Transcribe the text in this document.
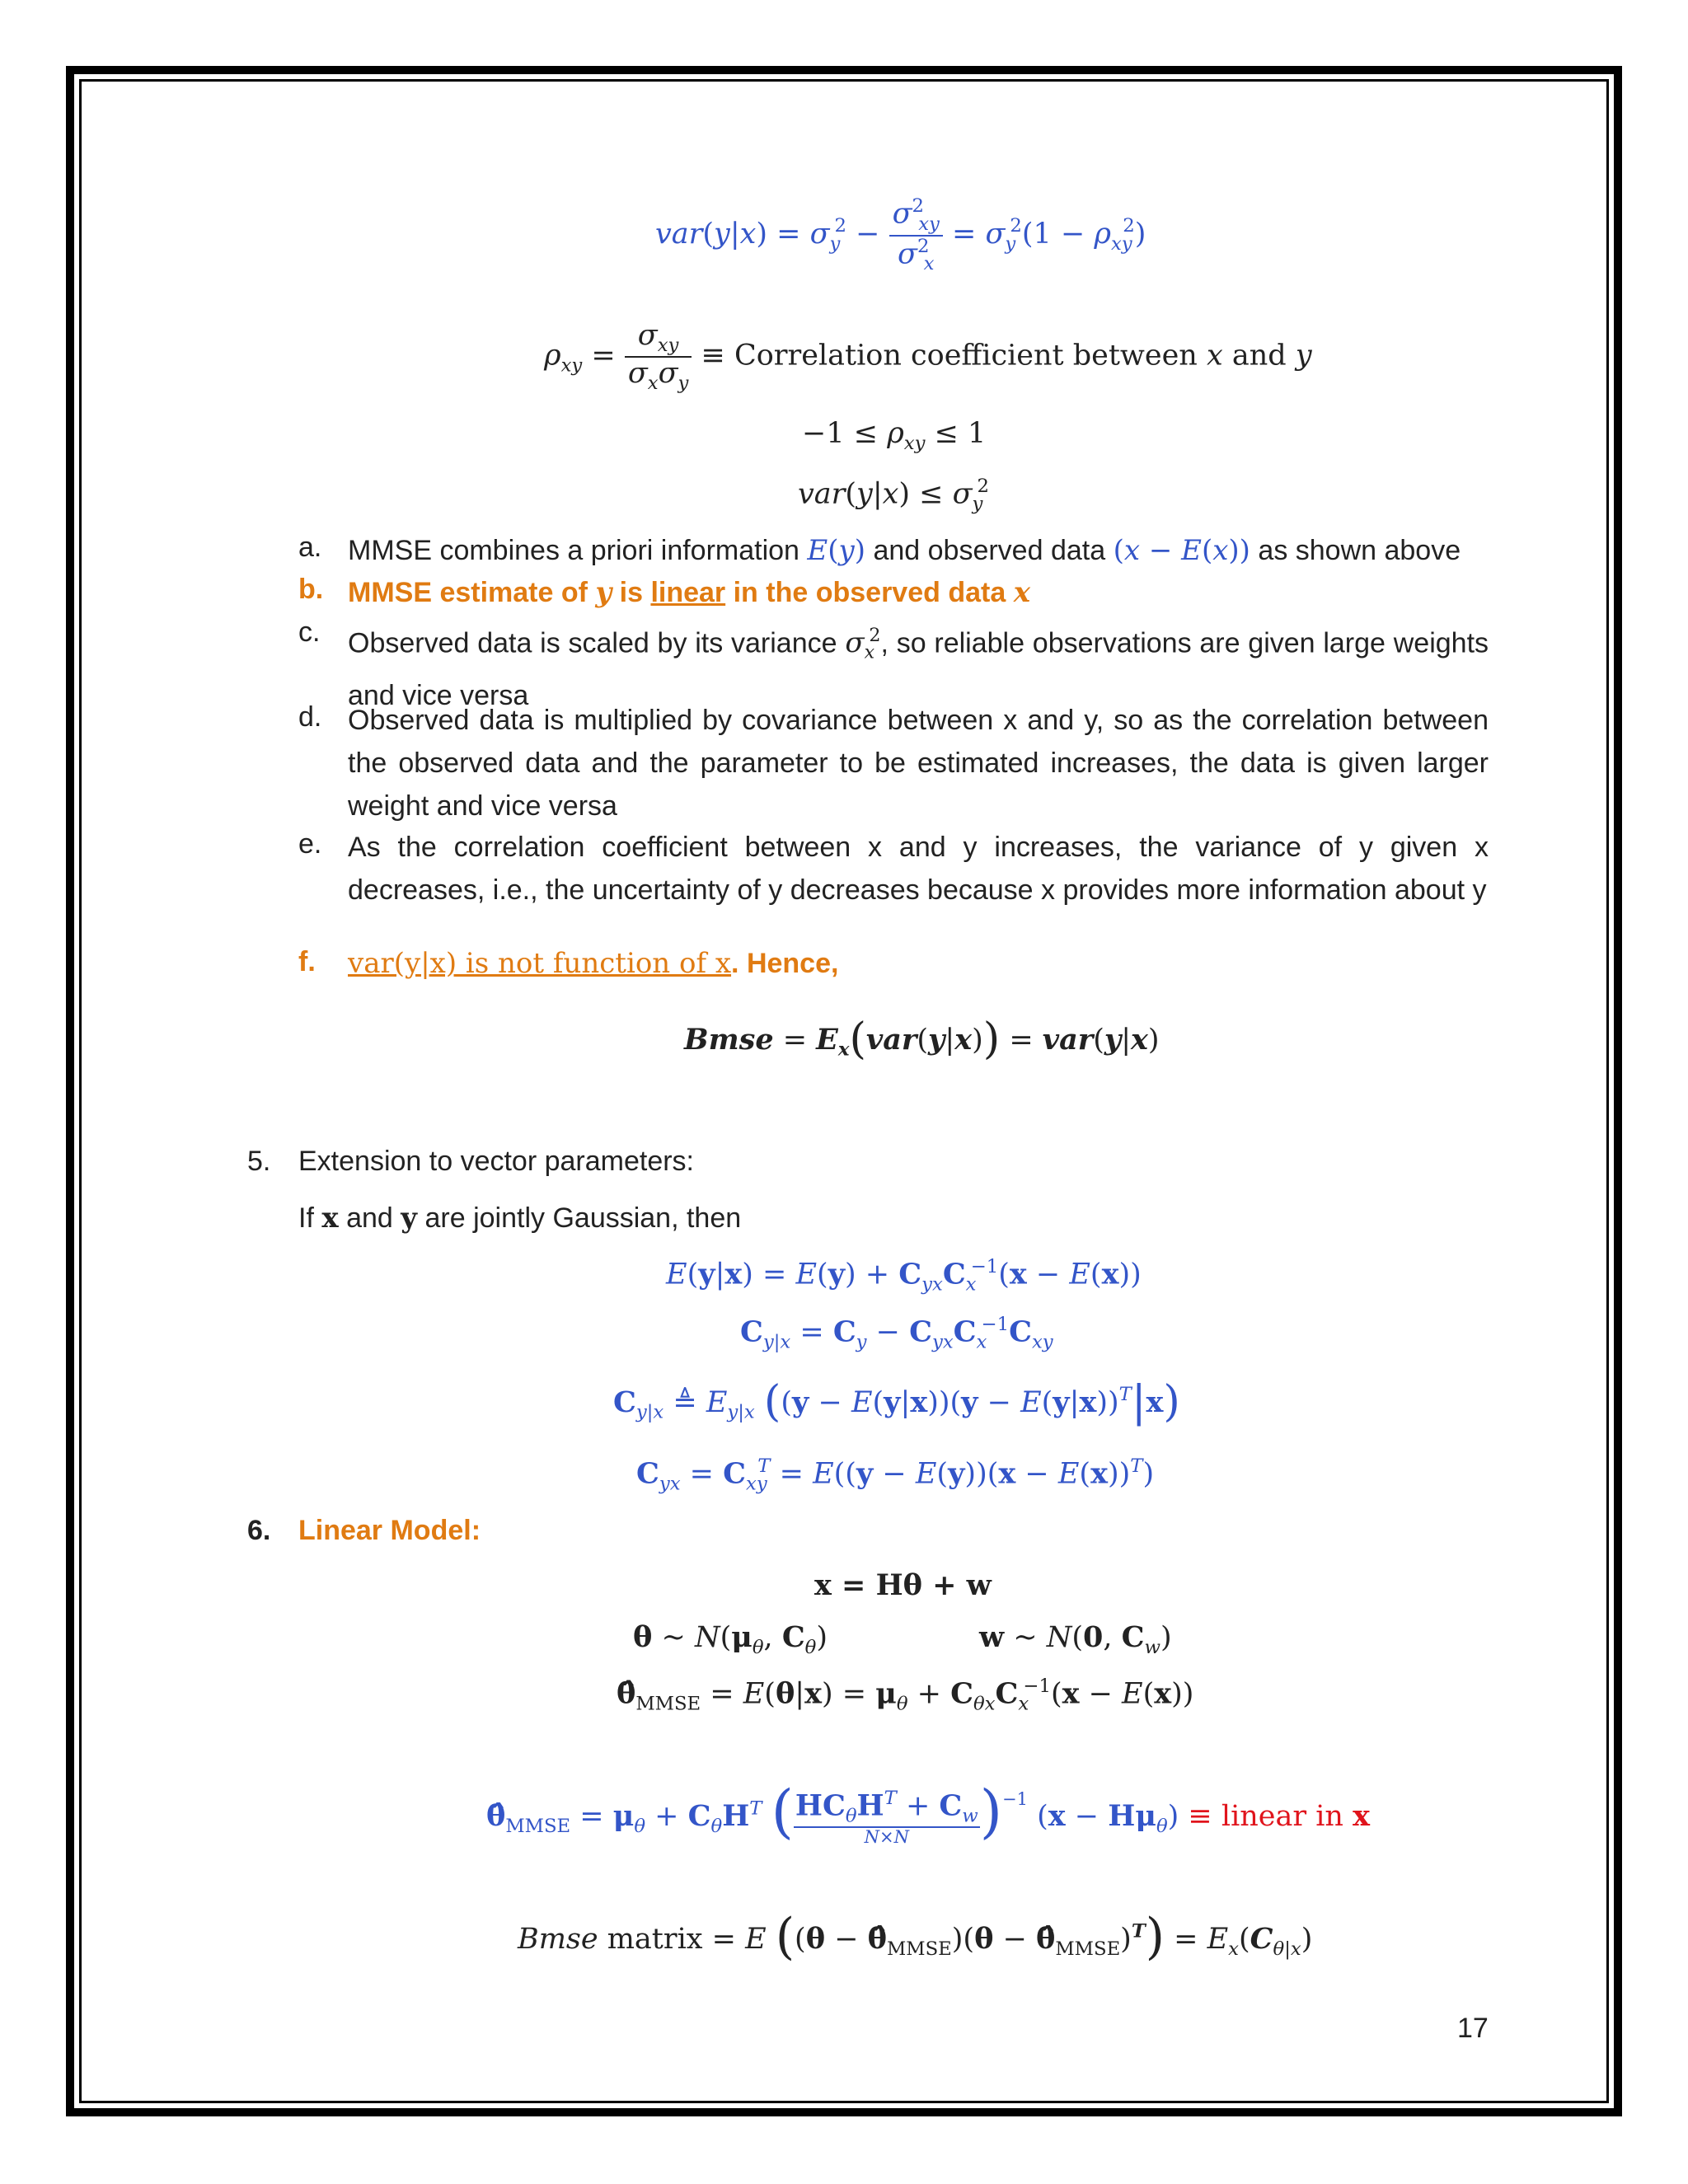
$var(y|x) = \sigma_y^2 - \frac{\sigma^2_{xy}}{\sigma^2_x} = \sigma_y^2(1 - \rho_{xy}^2)$
$\rho_{xy} = \frac{\sigma_{xy}}{\sigma_x\sigma_y}$ ≡ Correlation coefficient between x and y
$-1 \le \rho_{xy} \le 1$
$var(y|x) \le \sigma_y^2$
a. MMSE combines a priori information E(y) and observed data (x − E(x)) as shown above
b. MMSE estimate of y is linear in the observed data x
c. Observed data is scaled by its variance $\sigma_x^2$, so reliable observations are given large weights and vice versa
d. Observed data is multiplied by covariance between x and y, so as the correlation between the observed data and the parameter to be estimated increases, the data is given larger weight and vice versa
e. As the correlation coefficient between x and y increases, the variance of y given x decreases, i.e., the uncertainty of y decreases because x provides more information about y
f. var(y|x) is not function of x. Hence,
Bmse = $E_x(var(y|x)) = var(y|x)$
5. Extension to vector parameters:
If x and y are jointly Gaussian, then
$E(y|x) = E(y) + C_{yx}C_x^{-1}(x - E(x))$
$C_{y|x} = C_y - C_{yx}C_x^{-1}C_{xy}$
$C_{y|x}$ ≜ $E_{y|x}$ $((y - E(y|x))(y - E(y|x))^T|x)$
$C_{yx} = C_{xy}^T = E((y - E(y))(x - E(x))^T)$
6. Linear Model:
x = Hθ + w
θ ~ $N(\mu_\theta$, $C_\theta$)	w ~ N(0, $C_w$)
$\thetâ_{MMSE} = E(\theta|x) = \mu_\theta + C_{\theta x}C_x^{-1}(x - E(x))$
$\thetâ_{MMSE} = \mu_\theta + C_\theta H^T$ ($HC_\theta H^T + C_w$
N×N	)$^{-1}$ $(x - H\mu_\theta)$ ≡ linear in x
Bmse matrix = E ($(\theta - \thetâ_{MMSE})(\theta$ − $\thetâ_{MMSE})^T) = E_x(C_{\theta|x})$
17
